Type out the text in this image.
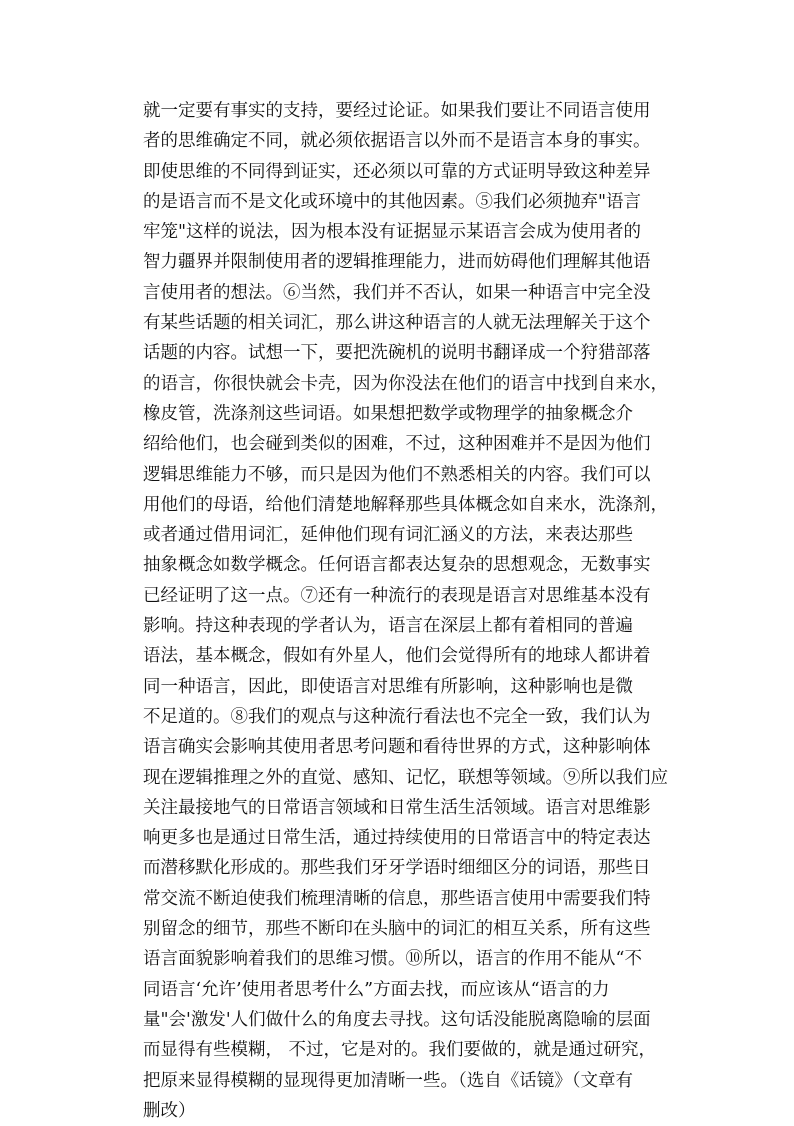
就一定要有事实的支持，要经过论证。如果我们要让不同语言使用
者的思维确定不同，就必须依据语言以外而不是语言本身的事实。
即使思维的不同得到证实，还必须以可靠的方式证明导致这种差异
的是语言而不是文化或环境中的其他因素。⑤我们必须抛弃"语言
牢笼"这样的说法，因为根本没有证据显示某语言会成为使用者的
智力疆界并限制使用者的逻辑推理能力，进而妨碍他们理解其他语
言使用者的想法。⑥当然，我们并不否认，如果一种语言中完全没
有某些话题的相关词汇，那么讲这种语言的人就无法理解关于这个
话题的内容。试想一下，要把洗碗机的说明书翻译成一个狩猎部落
的语言，你很快就会卡壳，因为你没法在他们的语言中找到自来水，
橡皮管，洗涤剂这些词语。如果想把数学或物理学的抽象概念介
绍给他们，也会碰到类似的困难，不过，这种困难并不是因为他们
逻辑思维能力不够，而只是因为他们不熟悉相关的内容。我们可以
用他们的母语，给他们清楚地解释那些具体概念如自来水，洗涤剂，
或者通过借用词汇，延伸他们现有词汇涵义的方法，来表达那些
抽象概念如数学概念。任何语言都表达复杂的思想观念，无数事实
已经证明了这一点。⑦还有一种流行的表现是语言对思维基本没有
影响。持这种表现的学者认为，语言在深层上都有着相同的普遍
语法，基本概念，假如有外星人，他们会觉得所有的地球人都讲着
同一种语言，因此，即使语言对思维有所影响，这种影响也是微
不足道的。⑧我们的观点与这种流行看法也不完全一致，我们认为
语言确实会影响其使用者思考问题和看待世界的方式，这种影响体
现在逻辑推理之外的直觉、感知、记忆，联想等领域。⑨所以我们应
关注最接地气的日常语言领域和日常生活生活领域。语言对思维影
响更多也是通过日常生活，通过持续使用的日常语言中的特定表达
而潜移默化形成的。那些我们牙牙学语时细细区分的词语，那些日
常交流不断迫使我们梳理清晰的信息，那些语言使用中需要我们特
别留念的细节，那些不断印在头脑中的词汇的相互关系，所有这些
语言面貌影响着我们的思维习惯。⑩所以，语言的作用不能从“不
同语言‘允许’使用者思考什么”方面去找，而应该从“语言的力
量"会'激发'人们做什么的角度去寻找。这句话没能脱离隐喻的层面
而显得有些模糊， 不过，它是对的。我们要做的，就是通过研究，
把原来显得模糊的显现得更加清晰一些。（选自《话镜》（文章有
删改）
